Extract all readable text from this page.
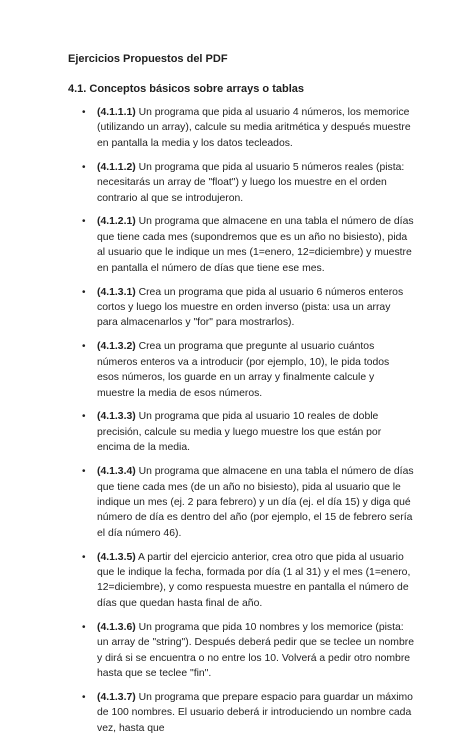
Ejercicios Propuestos del PDF
4.1. Conceptos básicos sobre arrays o tablas
• (4.1.1.1) Un programa que pida al usuario 4 números, los memorice (utilizando un array), calcule su media aritmética y después muestre en pantalla la media y los datos tecleados.
• (4.1.1.2) Un programa que pida al usuario 5 números reales (pista: necesitarás un array de "float") y luego los muestre en el orden contrario al que se introdujeron.
• (4.1.2.1) Un programa que almacene en una tabla el número de días que tiene cada mes (supondremos que es un año no bisiesto), pida al usuario que le indique un mes (1=enero, 12=diciembre) y muestre en pantalla el número de días que tiene ese mes.
• (4.1.3.1) Crea un programa que pida al usuario 6 números enteros cortos y luego los muestre en orden inverso (pista: usa un array para almacenarlos y "for" para mostrarlos).
• (4.1.3.2) Crea un programa que pregunte al usuario cuántos números enteros va a introducir (por ejemplo, 10), le pida todos esos números, los guarde en un array y finalmente calcule y muestre la media de esos números.
• (4.1.3.3) Un programa que pida al usuario 10 reales de doble precisión, calcule su media y luego muestre los que están por encima de la media.
• (4.1.3.4) Un programa que almacene en una tabla el número de días que tiene cada mes (de un año no bisiesto), pida al usuario que le indique un mes (ej. 2 para febrero) y un día (ej. el día 15) y diga qué número de día es dentro del año (por ejemplo, el 15 de febrero sería el día número 46).
• (4.1.3.5) A partir del ejercicio anterior, crea otro que pida al usuario que le indique la fecha, formada por día (1 al 31) y el mes (1=enero, 12=diciembre), y como respuesta muestre en pantalla el número de días que quedan hasta final de año.
• (4.1.3.6) Un programa que pida 10 nombres y los memorice (pista: un array de "string"). Después deberá pedir que se teclee un nombre y dirá si se encuentra o no entre los 10. Volverá a pedir otro nombre hasta que se teclee "fin".
• (4.1.3.7) Un programa que prepare espacio para guardar un máximo de 100 nombres. El usuario deberá ir introduciendo un nombre cada vez, hasta que
